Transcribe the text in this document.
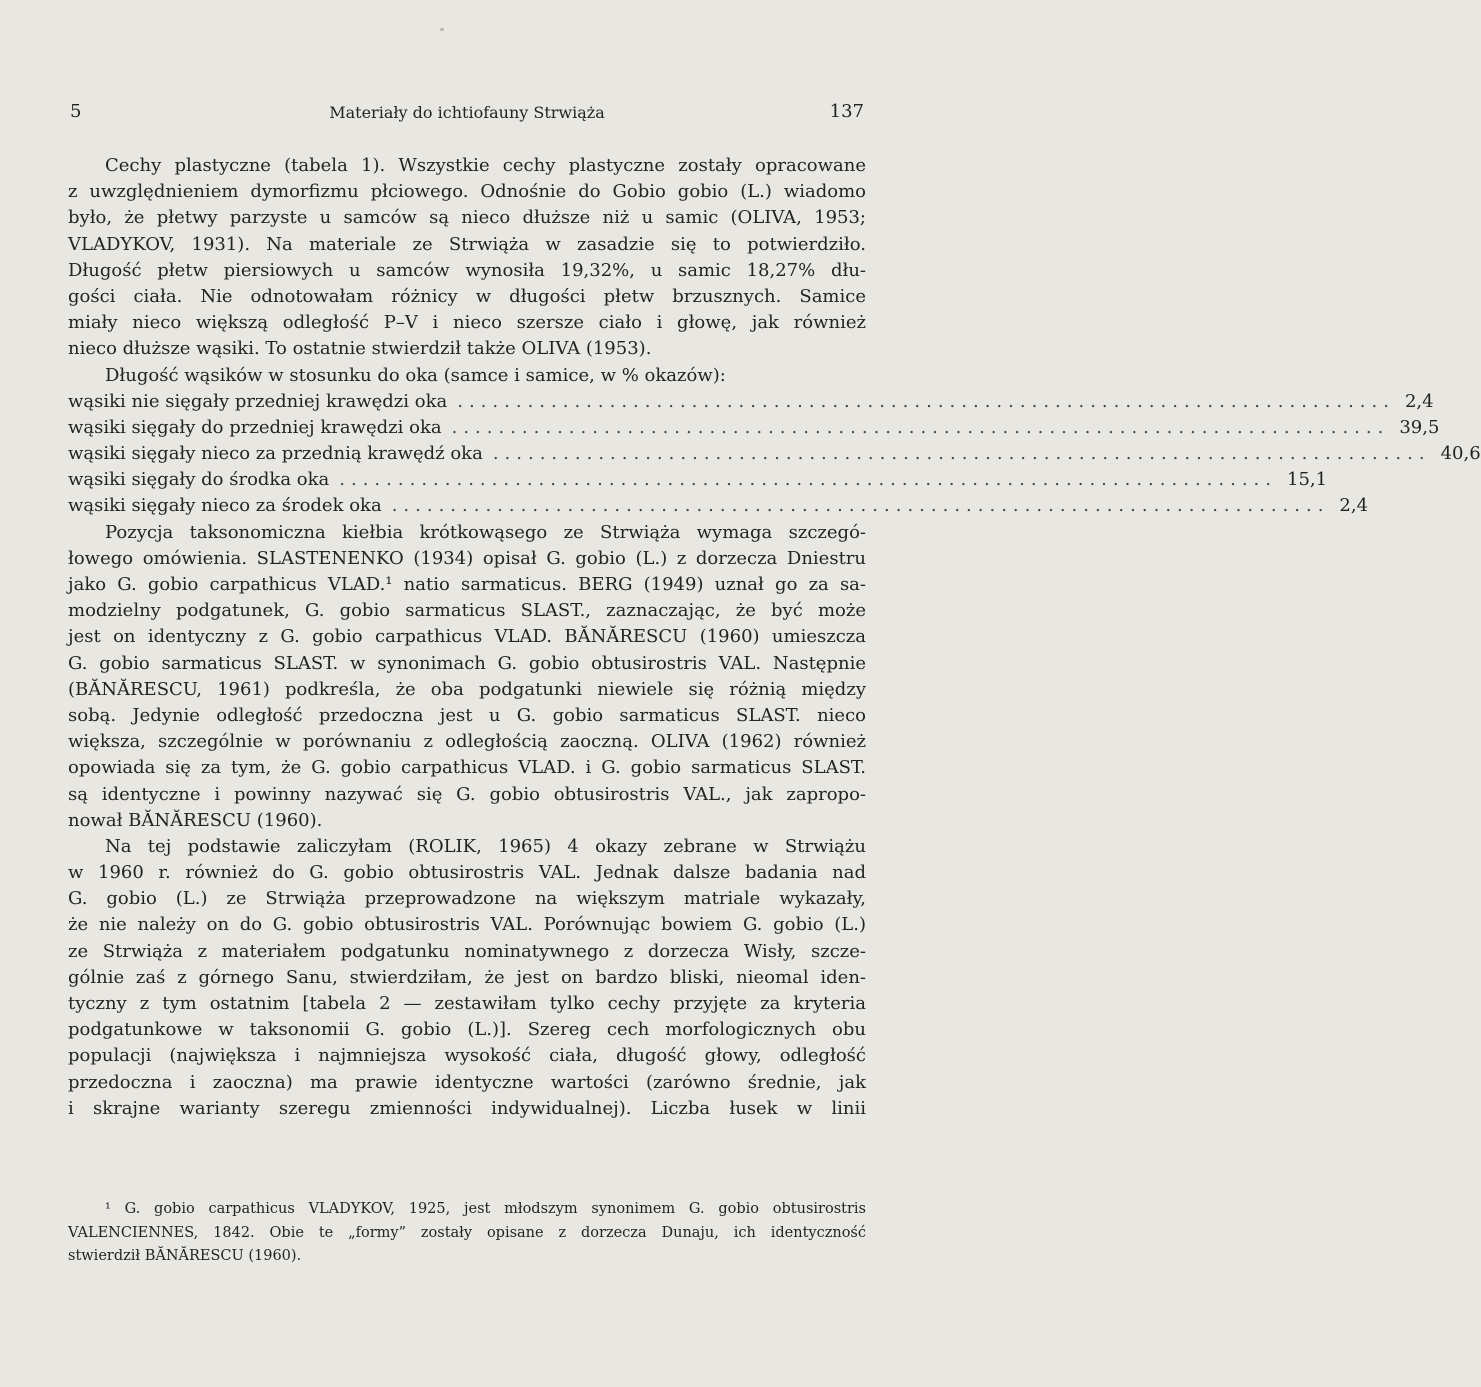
5	Materiały do ichtiofauny Strwiąża	137
Cechy plastyczne (tabela 1). Wszystkie cechy plastyczne zostały opracowane
z uwzględnieniem dymorfizmu płciowego. Odnośnie do Gobio gobio (L.) wiadomo
było, że płetwy parzyste u samców są nieco dłuższe niż u samic (OLIVA, 1953;
VLADYKOV, 1931). Na materiale ze Strwiąża w zasadzie się to potwierdziło.
Długość płetw piersiowych u samców wynosiła 19,32%, u samic 18,27% dłu-
gości ciała. Nie odnotowałam różnicy w długości płetw brzusznych. Samice
miały nieco większą odległość P–V i nieco szersze ciało i głowę, jak również
nieco dłuższe wąsiki. To ostatnie stwierdził także OLIVA (1953).
Długość wąsików w stosunku do oka (samce i samice, w % okazów):
wąsiki nie sięgały przedniej krawędzi oka ................................................................................ 2,4
wąsiki sięgały do przedniej krawędzi oka ................................................................................ 39,5
wąsiki sięgały nieco za przednią krawędź oka ................................................................................ 40,6
wąsiki sięgały do środka oka ................................................................................ 15,1
wąsiki sięgały nieco za środek oka ................................................................................ 2,4
Pozycja taksonomiczna kiełbia krótkowąsego ze Strwiąża wymaga szczegó-
łowego omówienia. SLASTENENKO (1934) opisał G. gobio (L.) z dorzecza Dniestru
jako G. gobio carpathicus VLAD.¹ natio sarmaticus. BERG (1949) uznał go za sa-
modzielny podgatunek, G. gobio sarmaticus SLAST., zaznaczając, że być może
jest on identyczny z G. gobio carpathicus VLAD. BĂNĂRESCU (1960) umieszcza
G. gobio sarmaticus SLAST. w synonimach G. gobio obtusirostris VAL. Następnie
(BĂNĂRESCU, 1961) podkreśla, że oba podgatunki niewiele się różnią między
sobą. Jedynie odległość przedoczna jest u G. gobio sarmaticus SLAST. nieco
większa, szczególnie w porównaniu z odległością zaoczną. OLIVA (1962) również
opowiada się za tym, że G. gobio carpathicus VLAD. i G. gobio sarmaticus SLAST.
są identyczne i powinny nazywać się G. gobio obtusirostris VAL., jak zapropo-
nował BĂNĂRESCU (1960).
Na tej podstawie zaliczyłam (ROLIK, 1965) 4 okazy zebrane w Strwiążu
w 1960 r. również do G. gobio obtusirostris VAL. Jednak dalsze badania nad
G. gobio (L.) ze Strwiąża przeprowadzone na większym matriale wykazały,
że nie należy on do G. gobio obtusirostris VAL. Porównując bowiem G. gobio (L.)
ze Strwiąża z materiałem podgatunku nominatywnego z dorzecza Wisły, szcze-
gólnie zaś z górnego Sanu, stwierdziłam, że jest on bardzo bliski, nieomal iden-
tyczny z tym ostatnim [tabela 2 — zestawiłam tylko cechy przyjęte za kryteria
podgatunkowe w taksonomii G. gobio (L.)]. Szereg cech morfologicznych obu
populacji (największa i najmniejsza wysokość ciała, długość głowy, odległość
przedoczna i zaoczna) ma prawie identyczne wartości (zarówno średnie, jak
i skrajne warianty szeregu zmienności indywidualnej). Liczba łusek w linii
¹ G. gobio carpathicus VLADYKOV, 1925, jest młodszym synonimem G. gobio obtusirostris
VALENCIENNES, 1842. Obie te „formy” zostały opisane z dorzecza Dunaju, ich identyczność
stwierdził BĂNĂRESCU (1960).
